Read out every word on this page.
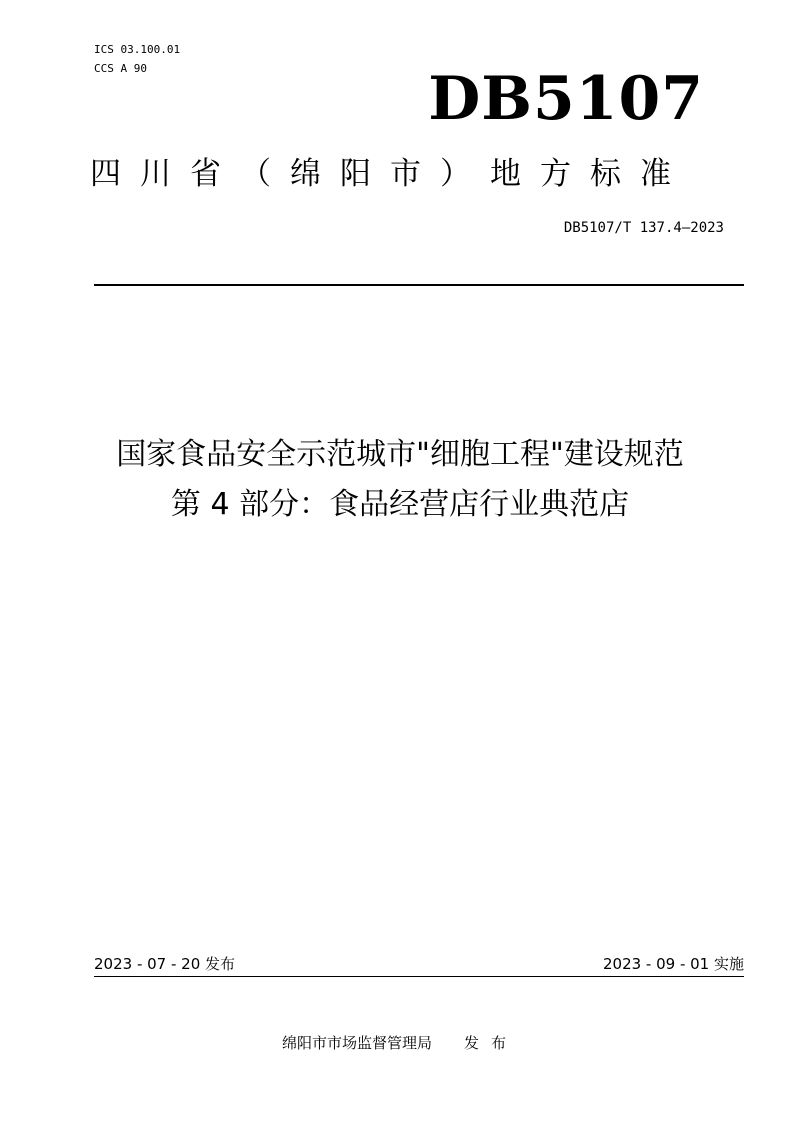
ICS 03.100.01
CCS A 90	DB5107
四川省（绵阳市）地方标准
DB5107/T 137.4—2023
国家食品安全示范城市"细胞工程"建设规范
第 4 部分：食品经营店行业典范店
2023 - 07 - 20 发布	2023 - 09 - 01 实施
绵阳市市场监督管理局 发布
